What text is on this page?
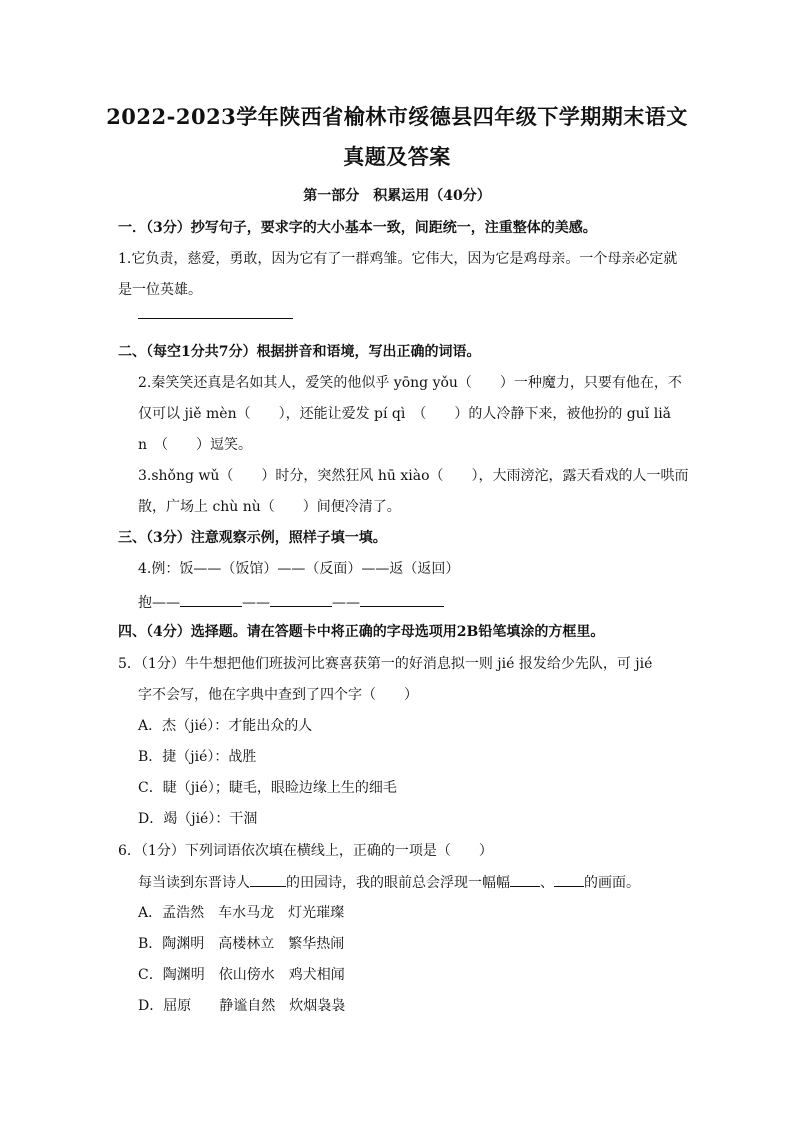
2022-2023学年陕西省榆林市绥德县四年级下学期期末语文
真题及答案
第一部分　积累运用（40分）
一．（3分）抄写句子，要求字的大小基本一致，间距统一，注重整体的美感。
1.它负责，慈爱，勇敢，因为它有了一群鸡雏。它伟大，因为它是鸡母亲。一个母亲必定就
是一位英雄。
二、（每空1分共7分）根据拼音和语境，写出正确的词语。
2.秦笑笑还真是名如其人，爱笑的他似乎 yōng yǒu（　　）一种魔力，只要有他在，不
仅可以 jiě mèn（　　），还能让爱发 pí qì　（　　）的人冷静下来，被他扮的 guǐ liǎ
n　（　　）逗笑。
3.shǒng wǔ（　　）时分，突然狂风 hū xiào（　　），大雨滂沱，露天看戏的人一哄而
散，广场上 chù nù（　　）间便冷清了。
三、（3分）注意观察示例，照样子填一填。
4.例：饭——（饭馆）——（反面）——返（返回）
抱——	——	——
四、（4分）选择题。请在答题卡中将正确的字母选项用2B铅笔填涂的方框里。
5．（1分）牛牛想把他们班拔河比赛喜获第一的好消息拟一则 jié 报发给少先队，可 jié
字不会写，他在字典中查到了四个字（　　）
A．杰（jié）：才能出众的人
B．捷（jié）：战胜
C．睫（jié）；睫毛，眼睑边缘上生的细毛
D．竭（jié）：干涸
6．（1分）下列词语依次填在横线上，正确的一项是（　　）
每当读到东晋诗人	的田园诗，我的眼前总会浮现一幅幅 、 的画面。
A．孟浩然　车水马龙　灯光璀璨
B．陶渊明　高楼林立　繁华热闹
C．陶渊明　依山傍水　鸡犬相闻
D．屈原　　静谧自然　炊烟袅袅
